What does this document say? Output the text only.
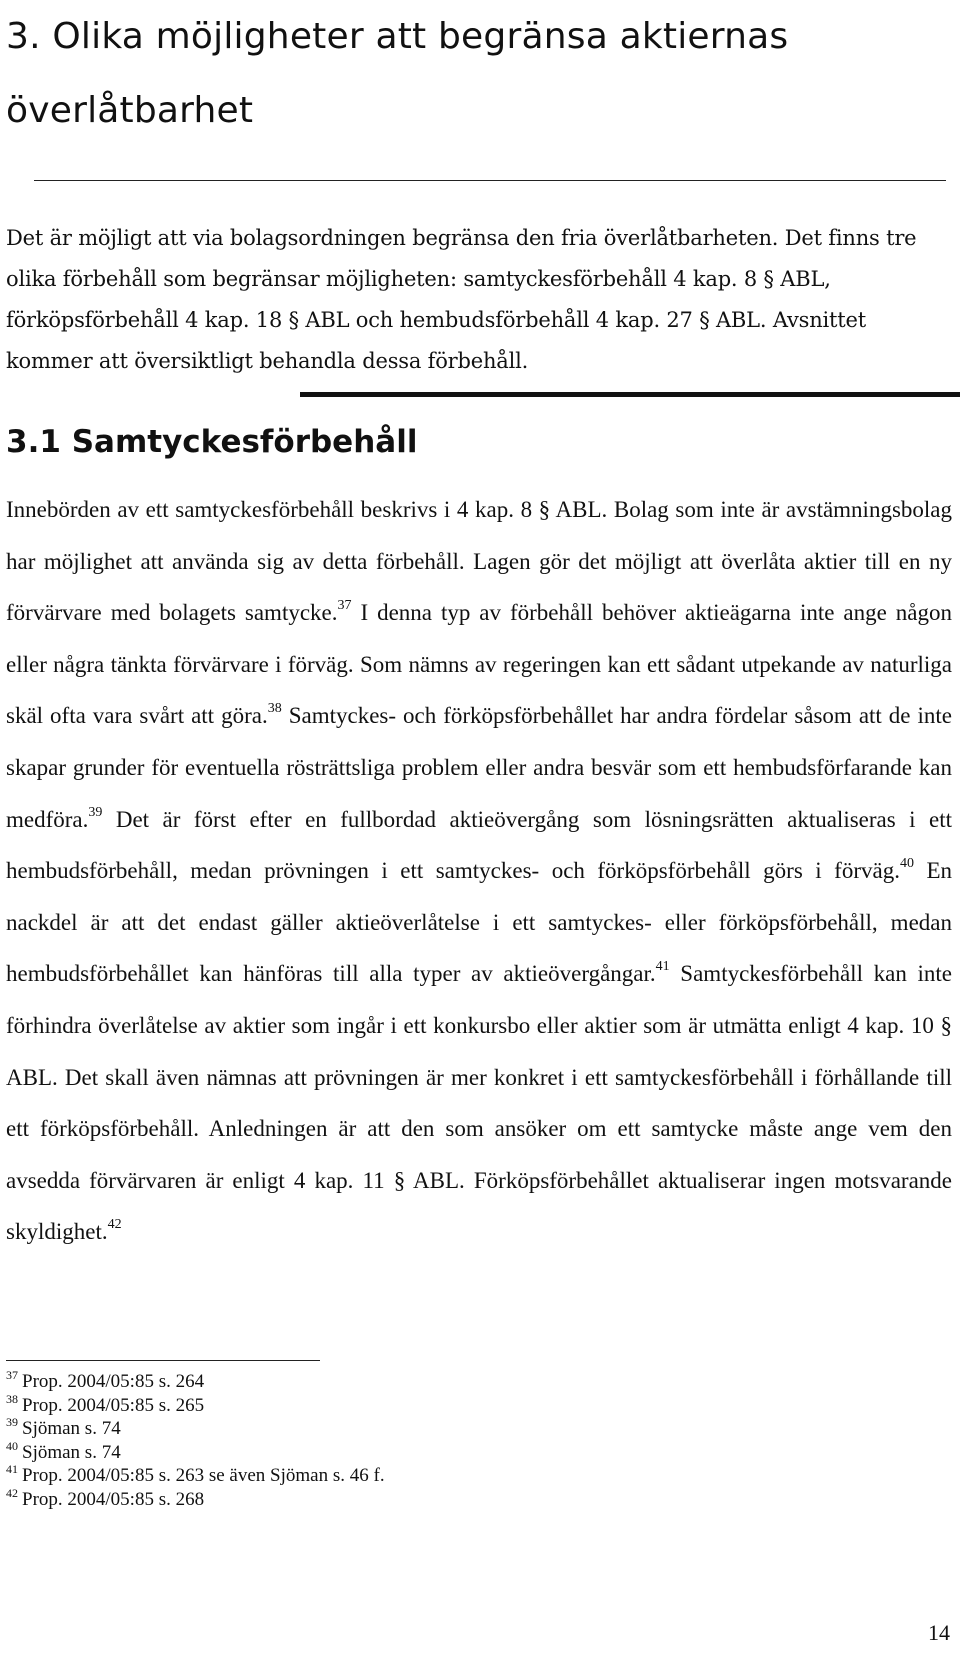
3. Olika möjligheter att begränsa aktiernas överlåtbarhet

Det är möjligt att via bolagsordningen begränsa den fria överlåtbarheten. Det finns tre olika förbehåll som begränsar möjligheten: samtyckesförbehåll 4 kap. 8 § ABL, förköpsförbehåll 4 kap. 18 § ABL och hembudsförbehåll 4 kap. 27 § ABL. Avsnittet kommer att översiktligt behandla dessa förbehåll.

3.1 Samtyckesförbehåll

Innebörden av ett samtyckesförbehåll beskrivs i 4 kap. 8 § ABL. Bolag som inte är avstämningsbolag har möjlighet att använda sig av detta förbehåll. Lagen gör det möjligt att överlåta aktier till en ny förvärvare med bolagets samtycke.$^{37}$ I denna typ av förbehåll behöver aktieägarna inte ange någon eller några tänkta förvärvare i förväg. Som nämns av regeringen kan ett sådant utpekande av naturliga skäl ofta vara svårt att göra.$^{38}$ Samtyckes- och förköpsförbehållet har andra fördelar såsom att de inte skapar grunder för eventuella rösträttsliga problem eller andra besvär som ett hembudsförfarande kan medföra.$^{39}$ Det är först efter en fullbordad aktieövergång som lösningsrätten aktualiseras i ett hembudsförbehåll, medan prövningen i ett samtyckes- och förköpsförbehåll görs i förväg.$^{40}$ En nackdel är att det endast gäller aktieöverlåtelse i ett samtyckes- eller förköpsförbehåll, medan hembudsförbehållet kan hänföras till alla typer av aktieövergångar.$^{41}$ Samtyckesförbehåll kan inte förhindra överlåtelse av aktier som ingår i ett konkursbo eller aktier som är utmätta enligt 4 kap. 10 § ABL. Det skall även nämnas att prövningen är mer konkret i ett samtyckesförbehåll i förhållande till ett förköpsförbehåll. Anledningen är att den som ansöker om ett samtycke måste ange vem den avsedda förvärvaren är enligt 4 kap. 11 § ABL. Förköpsförbehållet aktualiserar ingen motsvarande skyldighet.$^{42}$

$^{37}$ Prop. 2004/05:85 s. 264
$^{38}$ Prop. 2004/05:85 s. 265
$^{39}$ Sjöman s. 74
$^{40}$ Sjöman s. 74
$^{41}$ Prop. 2004/05:85 s. 263 se även Sjöman s. 46 f.
$^{42}$ Prop. 2004/05:85 s. 268
14
